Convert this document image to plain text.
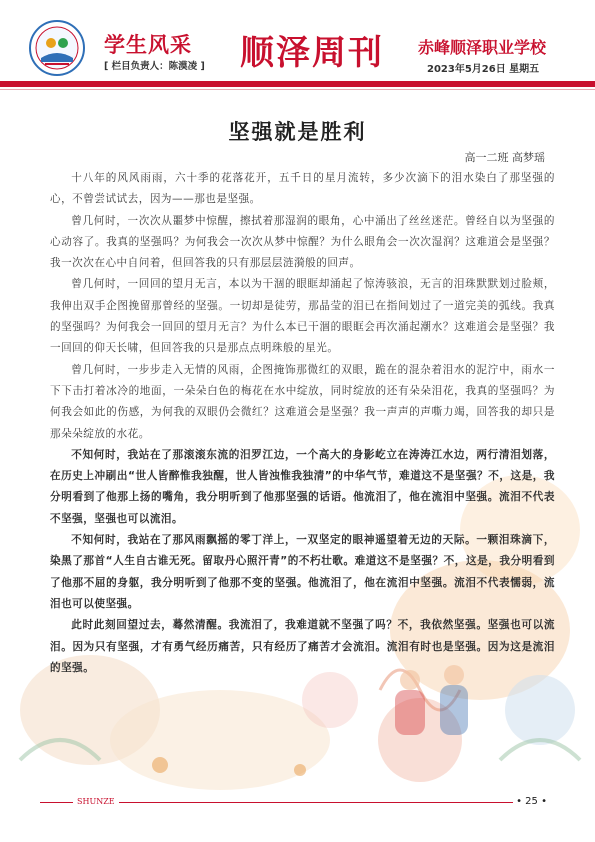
学生风采
[ 栏目负责人：陈漠凌 ] 顺泽周刊 赤峰顺泽职业学校
2023年5月26日 星期五
坚强就是胜利
高一二班 高梦瑶

十八年的风风雨雨，六十季的花落花开，五千日的星月流转，多少次滴下的泪水染白了那坚强的心，不曾尝试试去，因为——那也是坚强。

曾几何时，一次次从噩梦中惊醒，擦拭着那湿润的眼角，心中涌出了丝丝迷茫。曾经自以为坚强的心动容了。我真的坚强吗？为何我会一次次从梦中惊醒？为什么眼角会一次次湿润？这难道会是坚强？我一次次在心中自问着，但回答我的只有那层层涟漪般的回声。

曾几何时，一回回的望月无言，本以为干涸的眼眶却涌起了惊涛骇浪，无言的泪珠默默划过脸颊，我伸出双手企图挽留那曾经的坚强。一切却是徒劳，那晶莹的泪已在指间划过了一道完美的弧线。我真的坚强吗？为何我会一回回的望月无言？为什么本已干涸的眼眶会再次涌起潮水？这难道会是坚强？我一回回的仰天长啸，但回答我的只是那点点明珠般的星光。

曾几何时，一步步走入无情的风雨，企图掩饰那微红的双眼，跪在的混杂着泪水的泥泞中，雨水一下下击打着冰冷的地面，一朵朵白色的梅花在水中绽放，同时绽放的还有朵朵泪花，我真的坚强吗？为何我会如此的伤感，为何我的双眼仍会微红？这难道会是坚强？我一声声的声嘶力竭，回答我的却只是那朵朵绽放的水花。

不知何时，我站在了那滚滚东流的汨罗江边，一个高大的身影屹立在涛涛江水边，两行清泪划落，在历史上冲刷出“世人皆醉惟我独醒，世人皆浊惟我独清”的中华气节，难道这不是坚强？不，这是，我分明看到了他那上扬的嘴角，我分明听到了他那坚强的话语。他流泪了，他在流泪中坚强。流泪不代表不坚强，坚强也可以流泪。

不知何时，我站在了那风雨飘摇的零丁洋上，一双坚定的眼神遥望着无边的天际。一颗泪珠滴下，染黑了那首“人生自古谁无死。留取丹心照汗青”的不朽壮歌。难道这不是坚强？不，这是，我分明看到了他那不屈的身躯，我分明听到了他那不变的坚强。他流泪了，他在流泪中坚强。流泪不代表懦弱，流泪也可以使坚强。

此时此刻回望过去，蓦然清醒。我流泪了，我难道就不坚强了吗？不，我依然坚强。坚强也可以流泪。因为只有坚强，才有勇气经历痛苦，只有经历了痛苦才会流泪。流泪有时也是坚强。因为这是流泪的坚强。

SHUNZE	• 25 •
